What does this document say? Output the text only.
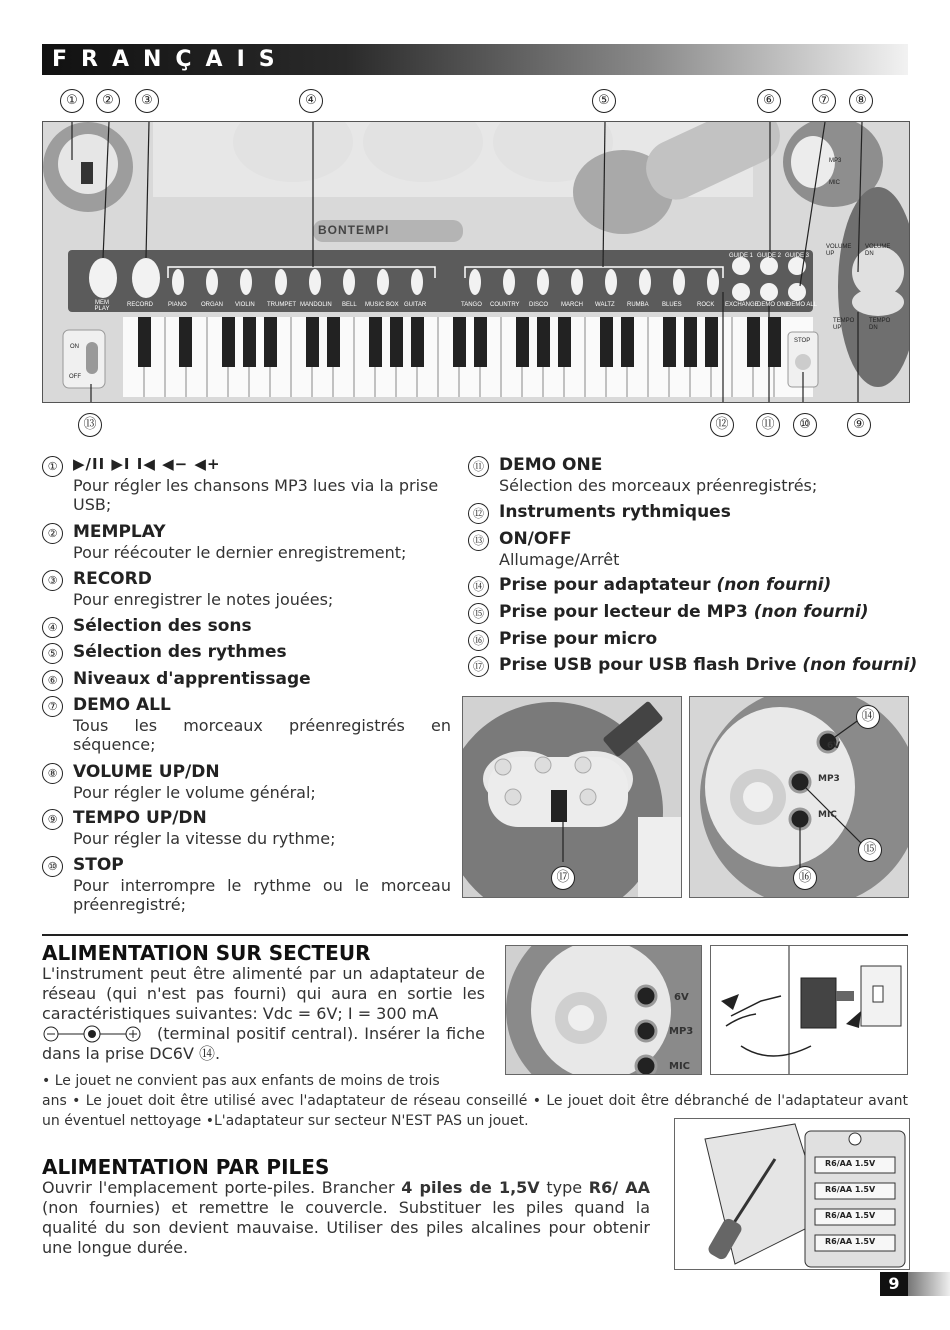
FRANÇAIS
①	②	③	④	⑤	⑥	⑦	⑧
BONTEMPI
MEM PLAY
RECORD PIANO ORGAN VIOLIN TRUMPET MANDOLIN BELL MUSIC BOX GUITAR	TANGO COUNTRY DISCO MARCH WALTZ RUMBA BLUES	ROCK
GUIDE 1 GUIDE 2 GUIDE 3
EXCHANGE
DEMO ONE
DEMO ALL
VOLUME UP
VOLUME DN
TEMPO UP
TEMPO DN
ON
OFF
STOP
MP3
MIC
⑬	⑫	⑪	⑩	⑨
①	▶/II ▶I I◀ ◀− ◀+
Pour régler les chansons MP3 lues via la prise USB;
② MEMPLAY
Pour réécouter le dernier enregistrement;
③ RECORD
Pour enregistrer le notes jouées;
④ Sélection des sons
⑤ Sélection des rythmes
⑥ Niveaux d'apprentissage
⑦ DEMO ALL
Tous les morceaux préenregistrés en séquence;
⑧ VOLUME UP/DN
Pour régler le volume général;
⑨ TEMPO UP/DN
Pour régler la vitesse du rythme;
⑩ STOP
Pour interrompre le rythme ou le morceau préenregistré;
⑪ DEMO ONE
Sélection des morceaux préenregistrés;
⑫ Instruments rythmiques
⑬ ON/OFF
Allumage/Arrêt
⑭ Prise pour adaptateur (non fourni)
⑮ Prise pour lecteur de MP3 (non fourni)
⑯ Prise pour micro
⑰ Prise USB pour USB flash Drive (non fourni)
⑰
6V
MP3
MIC
⑭
⑮
⑯
ALIMENTATION SUR SECTEUR
L'instrument peut être alimenté par un adaptateur de réseau (qui n'est pas fourni) qui aura en sortie les caractéristiques suivantes: Vdc = 6V; I = 300 mA
(terminal positif central). Insérer la fiche dans la prise DC6V ⑭.
• Le jouet ne convient pas aux enfants de moins de trois
ans • Le jouet doit être utilisé avec l'adaptateur de réseau conseillé • Le jouet doit être débranché de l'adaptateur avant un éventuel nettoyage •L'adaptateur sur secteur N'EST PAS un jouet.
6V
MP3
MIC
ALIMENTATION PAR PILES
Ouvrir l'emplacement porte-piles. Brancher 4 piles de 1,5V type R6/ AA (non fournies) et remettre le couvercle. Substituer les piles quand la qualité du son devient mauvaise. Utiliser des piles alcalines pour obtenir une longue durée.
R6/AA 1.5V
R6/AA 1.5V
R6/AA 1.5V
R6/AA 1.5V
9
